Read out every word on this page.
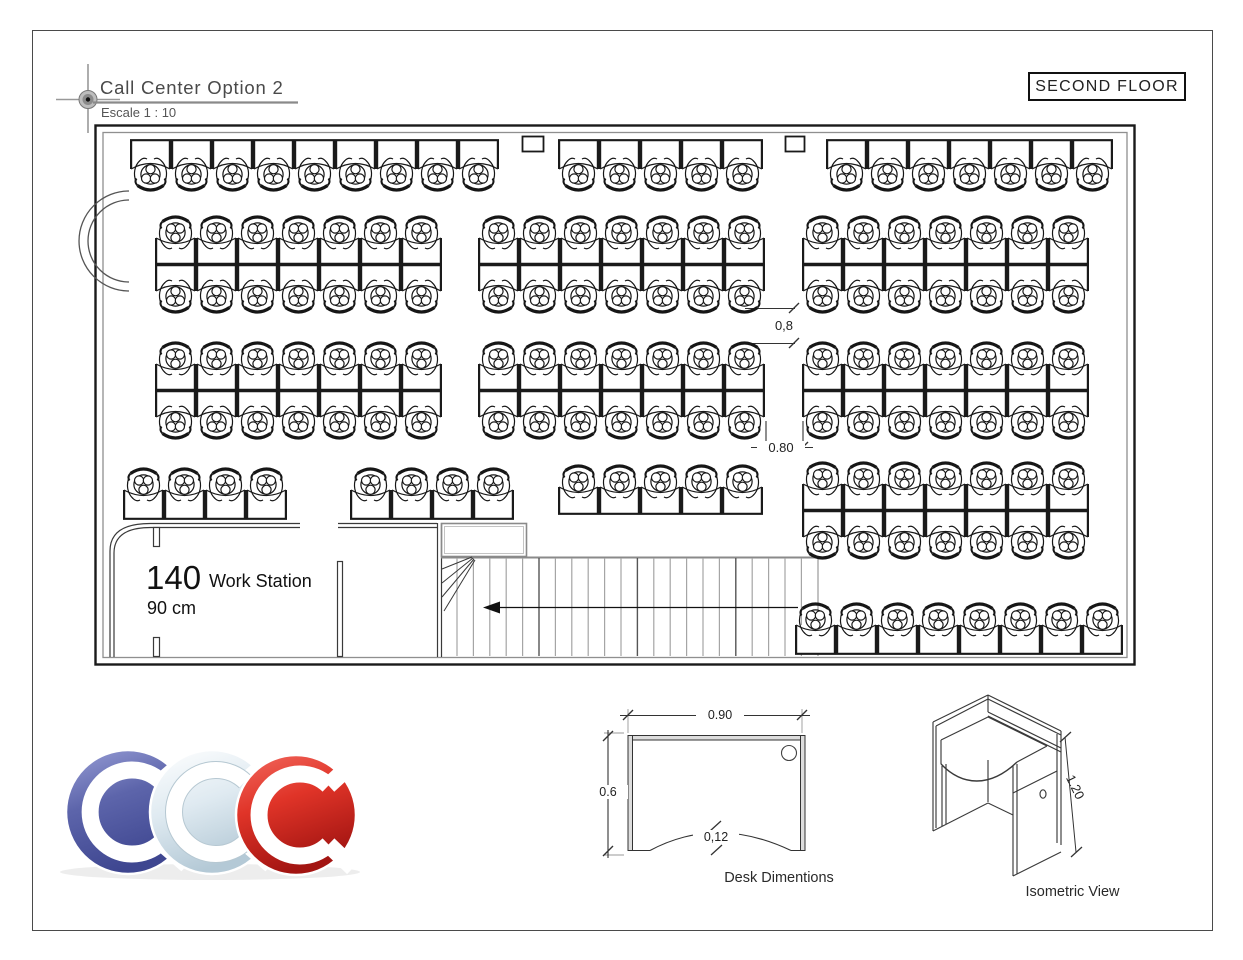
Call Center Option 2
Escale 1 : 10
SECOND FLOOR
140 Work Station
90 cm
0,8
0.80
0.90
0.6
0,12
Desk Dimentions
1.20
Isometric View
